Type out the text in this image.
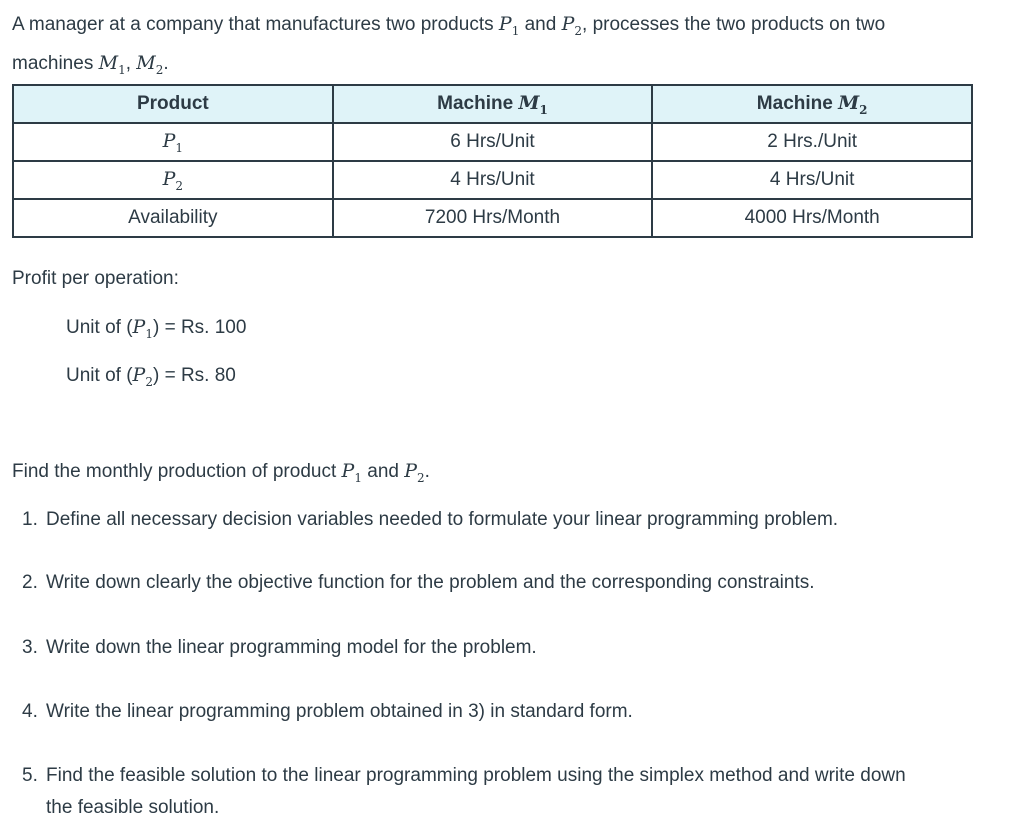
A manager at a company that manufactures two products $P_1$ and $P_2$, processes the two products on two
machines $M_1$, $M_2$.
Product	Machine $M_1$	Machine $M_2$
$P_1$	6 Hrs/Unit	2 Hrs./Unit
$P_2$	4 Hrs/Unit	4 Hrs/Unit
Availability	7200 Hrs/Month	4000 Hrs/Month
Profit per operation:
Unit of $(P_1) = Rs$. 100
Unit of $(P_2) = Rs$. 80
Find the monthly production of product $P_1$ and $P_2$.
1. Define all necessary decision variables needed to formulate your linear programming problem.
2. Write down clearly the objective function for the problem and the corresponding constraints.
3. Write down the linear programming model for the problem.
4. Write the linear programming problem obtained in 3) in standard form.
5. Find the feasible solution to the linear programming problem using the simplex method and write down
the feasible solution.
